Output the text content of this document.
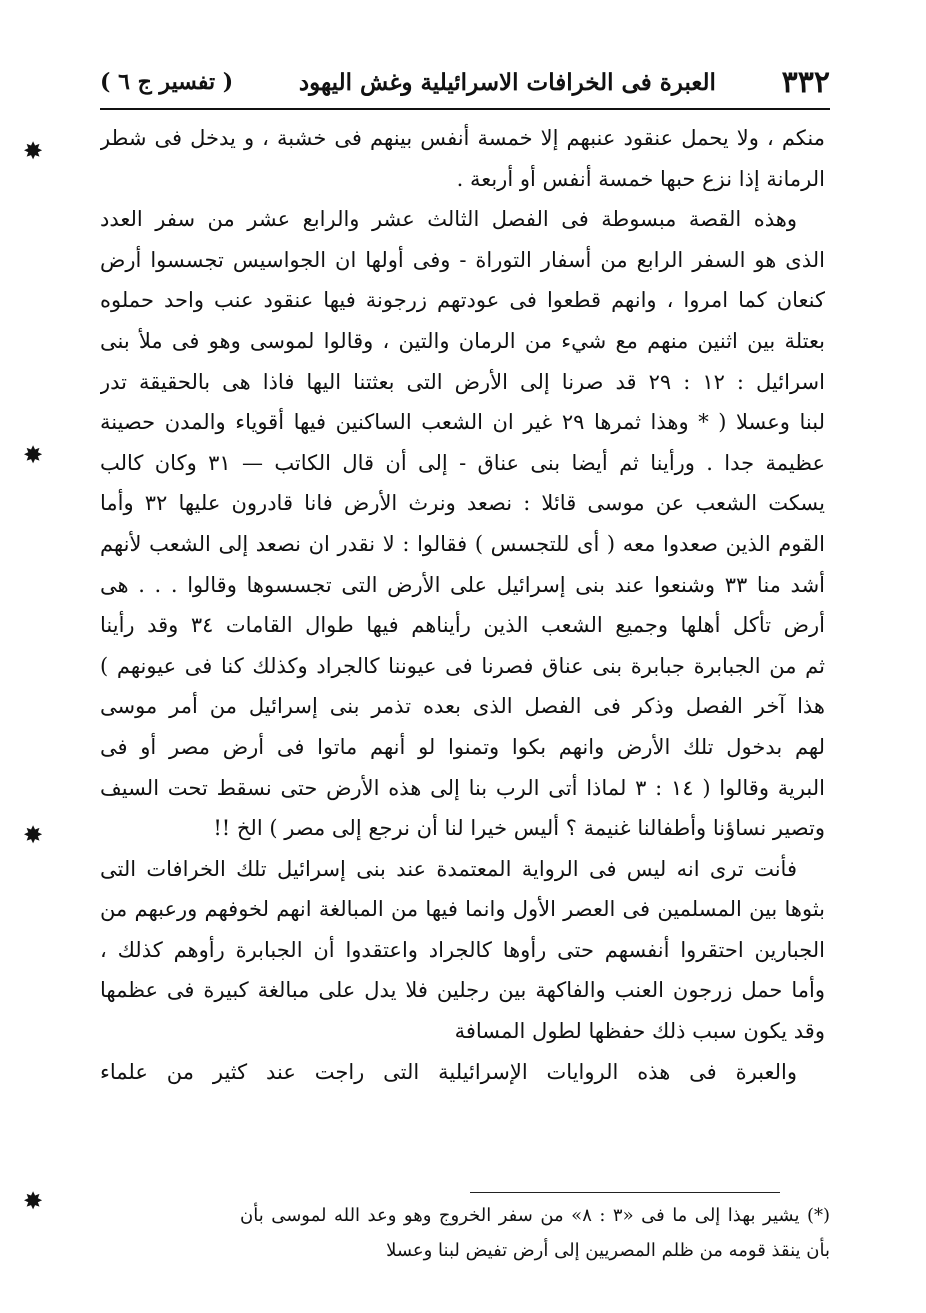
٣٣٢
العبرة فى الخرافات الاسرائيلية وغش اليهود
( تفسير ج ٦ )
منكم ، ولا يحمل عنقود عنبهم إلا خمسة أنفس بينهم فى خشبة ، و يدخل فى شطر
الرمانة إذا نزع حبها خمسة أنفس أو أربعة .
وهذه القصة مبسوطة فى الفصل الثالث عشر والرابع عشر من سفر العدد
الذى هو السفر الرابع من أسفار التوراة - وفى أولها ان الجواسيس تجسسوا أرض
كنعان كما امروا ، وانهم قطعوا فى عودتهم زرجونة فيها عنقود عنب واحد حملوه
بعتلة بين اثنين منهم مع شيء من الرمان والتين ، وقالوا لموسى وهو فى ملأ بنى
اسرائيل : ١٢ : ٢٩ قد صرنا إلى الأرض التى بعثتنا اليها فاذا هى بالحقيقة تدر
لبنا وعسلا ( * وهذا ثمرها ٢٩ غير ان الشعب الساكنين فيها أقوياء والمدن حصينة
عظيمة جدا . ورأينا ثم أيضا بنى عناق - إلى أن قال الكاتب — ٣١ وكان كالب
يسكت الشعب عن موسى قائلا : نصعد ونرث الأرض فانا قادرون عليها ٣٢ وأما
القوم الذين صعدوا معه ( أى للتجسس ) فقالوا : لا نقدر ان نصعد إلى الشعب لأنهم
أشد منا ٣٣ وشنعوا عند بنى إسرائيل على الأرض التى تجسسوها وقالوا . . . هى
أرض تأكل أهلها وجميع الشعب الذين رأيناهم فيها طوال القامات ٣٤ وقد رأينا
ثم من الجبابرة جبابرة بنى عناق فصرنا فى عيوننا كالجراد وكذلك كنا فى عيونهم )
هذا آخر الفصل وذكر فى الفصل الذى بعده تذمر بنى إسرائيل من أمر موسى
لهم بدخول تلك الأرض وانهم بكوا وتمنوا لو أنهم ماتوا فى أرض مصر أو فى
البرية وقالوا ( ١٤ : ٣ لماذا أتى الرب بنا إلى هذه الأرض حتى نسقط تحت السيف
وتصير نساؤنا وأطفالنا غنيمة ؟ أليس خيرا لنا أن نرجع إلى مصر ) الخ !!
فأنت ترى انه ليس فى الرواية المعتمدة عند بنى إسرائيل تلك الخرافات التى
بثوها بين المسلمين فى العصر الأول وانما فيها من المبالغة انهم لخوفهم ورعبهم من
الجبارين احتقروا أنفسهم حتى رأوها كالجراد واعتقدوا أن الجبابرة رأوهم كذلك ،
وأما حمل زرجون العنب والفاكهة بين رجلين فلا يدل على مبالغة كبيرة فى عظمها
وقد يكون سبب ذلك حفظها لطول المسافة
والعبرة فى هذه الروايات الإسرائيلية التى راجت عند كثير من علماء
(*) يشير بهذا إلى ما فى «٣ : ٨» من سفر الخروج وهو وعد الله لموسى بأن
بأن ينقذ قومه من ظلم المصريين إلى أرض تفيض لبنا وعسلا
✸
✸
✸
✸
